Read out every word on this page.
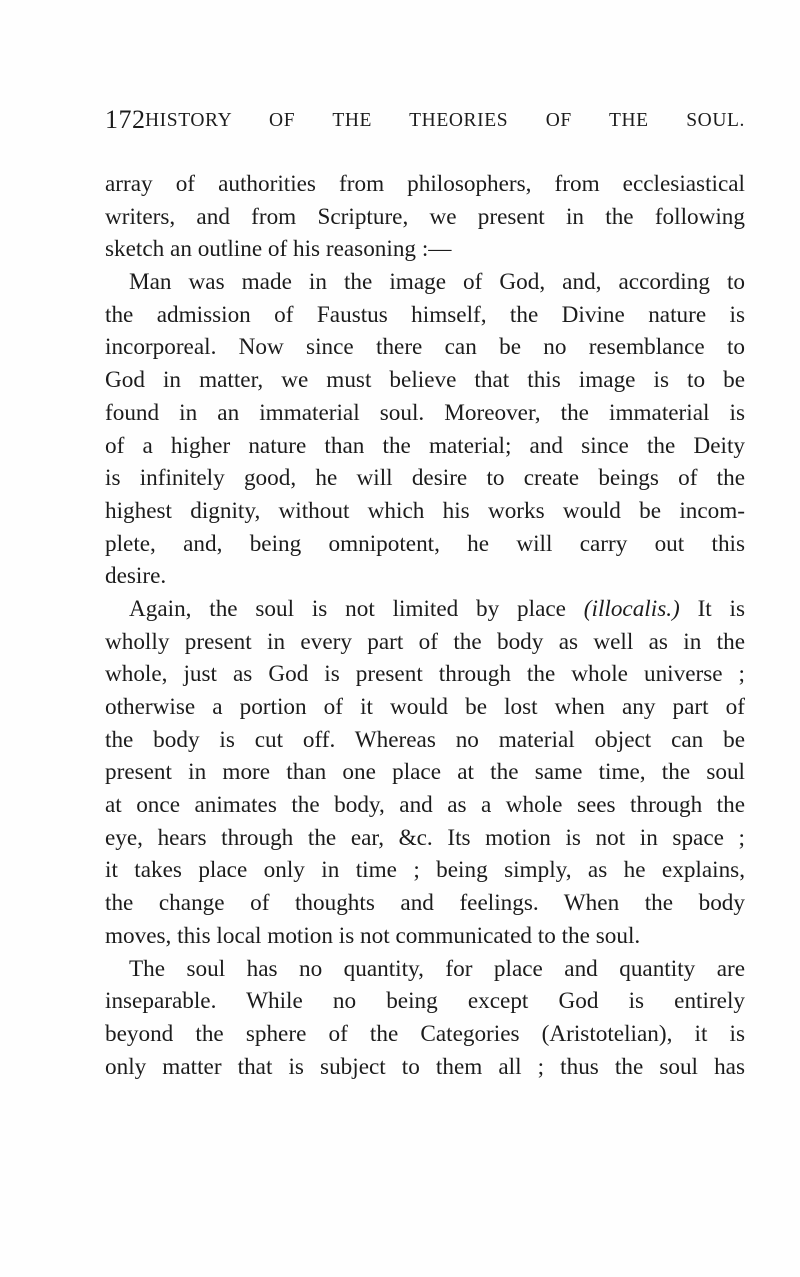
172 HISTORY OF THE THEORIES OF THE SOUL.
array of authorities from philosophers, from ecclesiastical
writers, and from Scripture, we present in the following
sketch an outline of his reasoning :—
Man was made in the image of God, and, according to
the admission of Faustus himself, the Divine nature is
incorporeal. Now since there can be no resemblance to
God in matter, we must believe that this image is to be
found in an immaterial soul. Moreover, the immaterial is
of a higher nature than the material; and since the Deity
is infinitely good, he will desire to create beings of the
highest dignity, without which his works would be incom-
plete, and, being omnipotent, he will carry out this
desire.
Again, the soul is not limited by place (illocalis.) It is
wholly present in every part of the body as well as in the
whole, just as God is present through the whole universe ;
otherwise a portion of it would be lost when any part of
the body is cut off. Whereas no material object can be
present in more than one place at the same time, the soul
at once animates the body, and as a whole sees through the
eye, hears through the ear, &c. Its motion is not in space ;
it takes place only in time ; being simply, as he explains,
the change of thoughts and feelings. When the body
moves, this local motion is not communicated to the soul.
The soul has no quantity, for place and quantity are
inseparable. While no being except God is entirely
beyond the sphere of the Categories (Aristotelian), it is
only matter that is subject to them all ; thus the soul has
